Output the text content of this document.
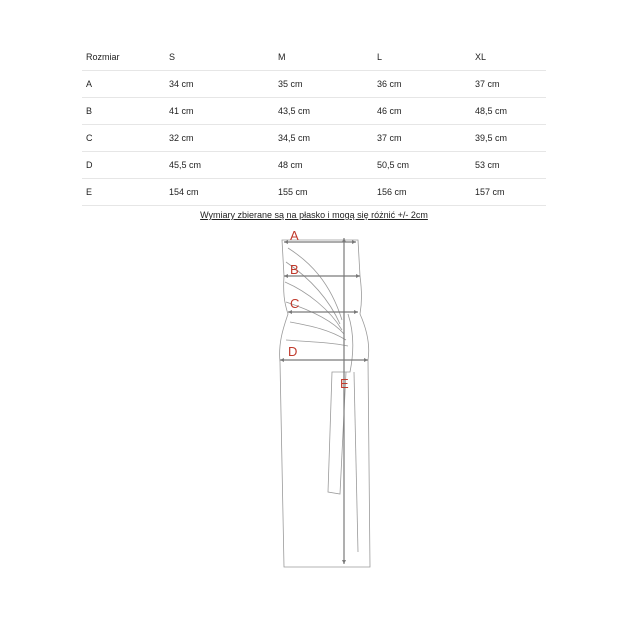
Rozmiar	S	M	L	XL
A	34 cm	35 cm	36 cm	37 cm
B	41 cm	43,5 cm	46 cm	48,5 cm
C	32 cm	34,5 cm	37 cm	39,5 cm
D	45,5 cm	48 cm	50,5 cm	53 cm
E	154 cm	155 cm	156 cm	157 cm
Wymiary zbierane są na płasko i mogą się różnić +/- 2cm
A
B
C
D
E
